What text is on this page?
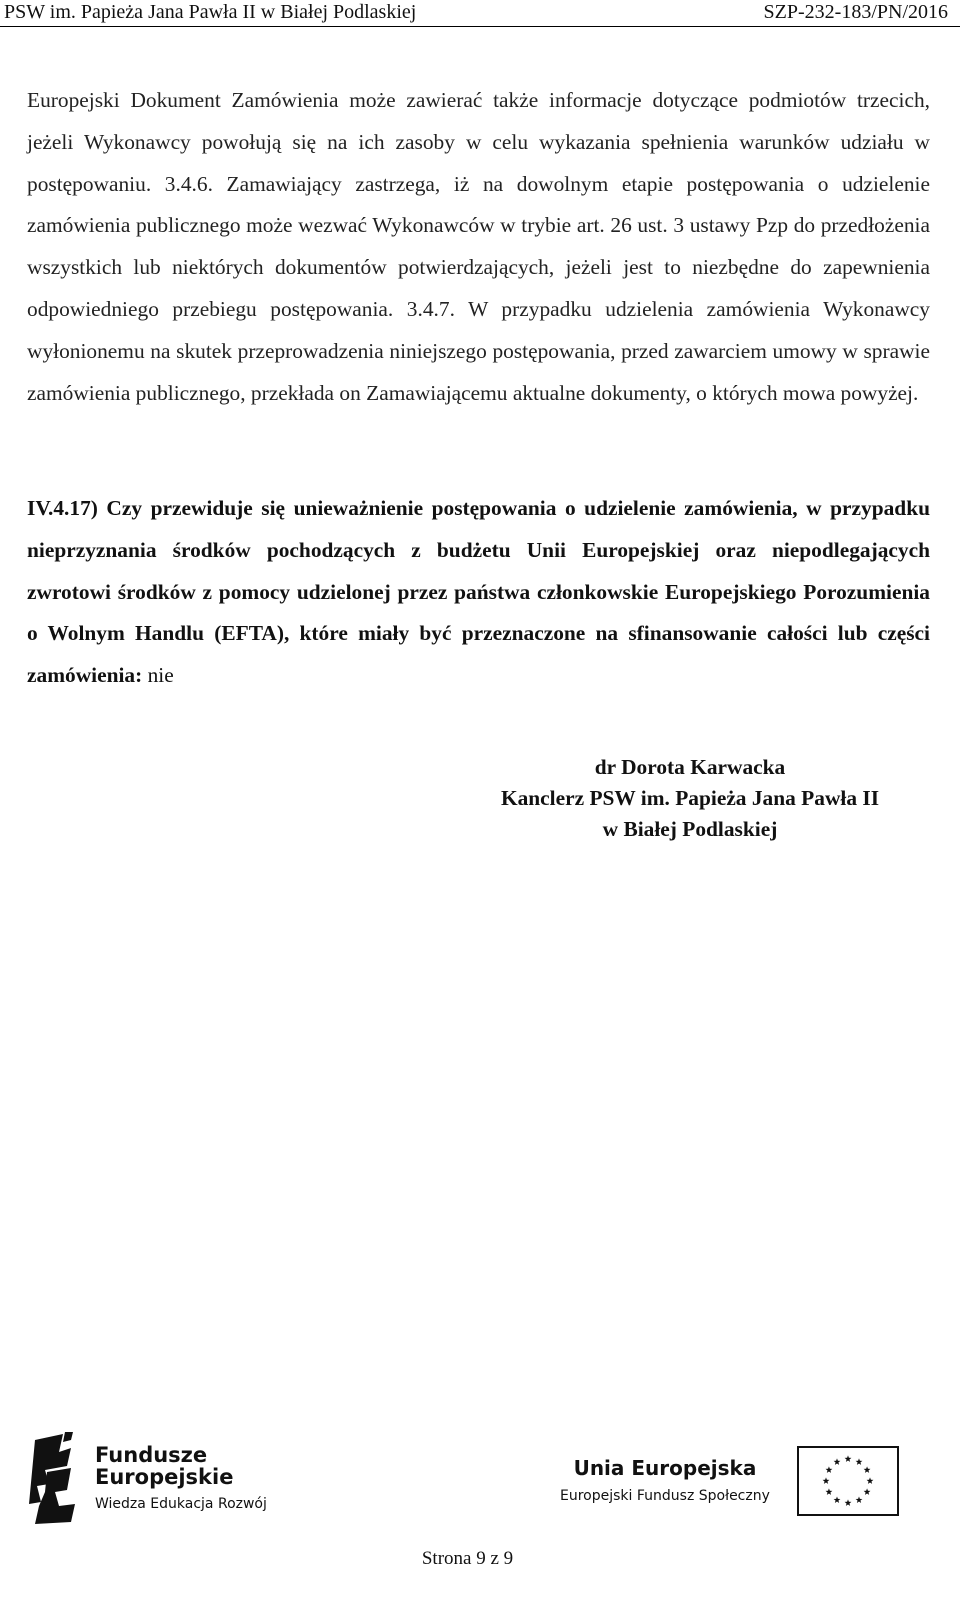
PSW im. Papieża Jana Pawła II w Białej Podlaskiej	SZP-232-183/PN/2016

Europejski Dokument Zamówienia może zawierać także informacje dotyczące podmiotów trzecich, jeżeli Wykonawcy powołują się na ich zasoby w celu wykazania spełnienia warunków udziału w postępowaniu. 3.4.6. Zamawiający zastrzega, iż na dowolnym etapie postępowania o udzielenie zamówienia publicznego może wezwać Wykonawców w trybie art. 26 ust. 3 ustawy Pzp do przedłożenia wszystkich lub niektórych dokumentów potwierdzających, jeżeli jest to niezbędne do zapewnienia odpowiedniego przebiegu postępowania. 3.4.7. W przypadku udzielenia zamówienia Wykonawcy wyłonionemu na skutek przeprowadzenia niniejszego postępowania, przed zawarciem umowy w sprawie zamówienia publicznego, przekłada on Zamawiającemu aktualne dokumenty, o których mowa powyżej.

IV.4.17) Czy przewiduje się unieważnienie postępowania o udzielenie zamówienia, w przypadku nieprzyznania środków pochodzących z budżetu Unii Europejskiej oraz niepodlegających zwrotowi środków z pomocy udzielonej przez państwa członkowskie Europejskiego Porozumienia o Wolnym Handlu (EFTA), które miały być przeznaczone na sfinansowanie całości lub części zamówienia: nie

dr Dorota Karwacka
Kanclerz PSW im. Papieża Jana Pawła II
w Białej Podlaskiej
Fundusze
Europejskie
Wiedza Edukacja Rozwój
Unia Europejska
Europejski Fundusz Społeczny
Strona 9 z 9
